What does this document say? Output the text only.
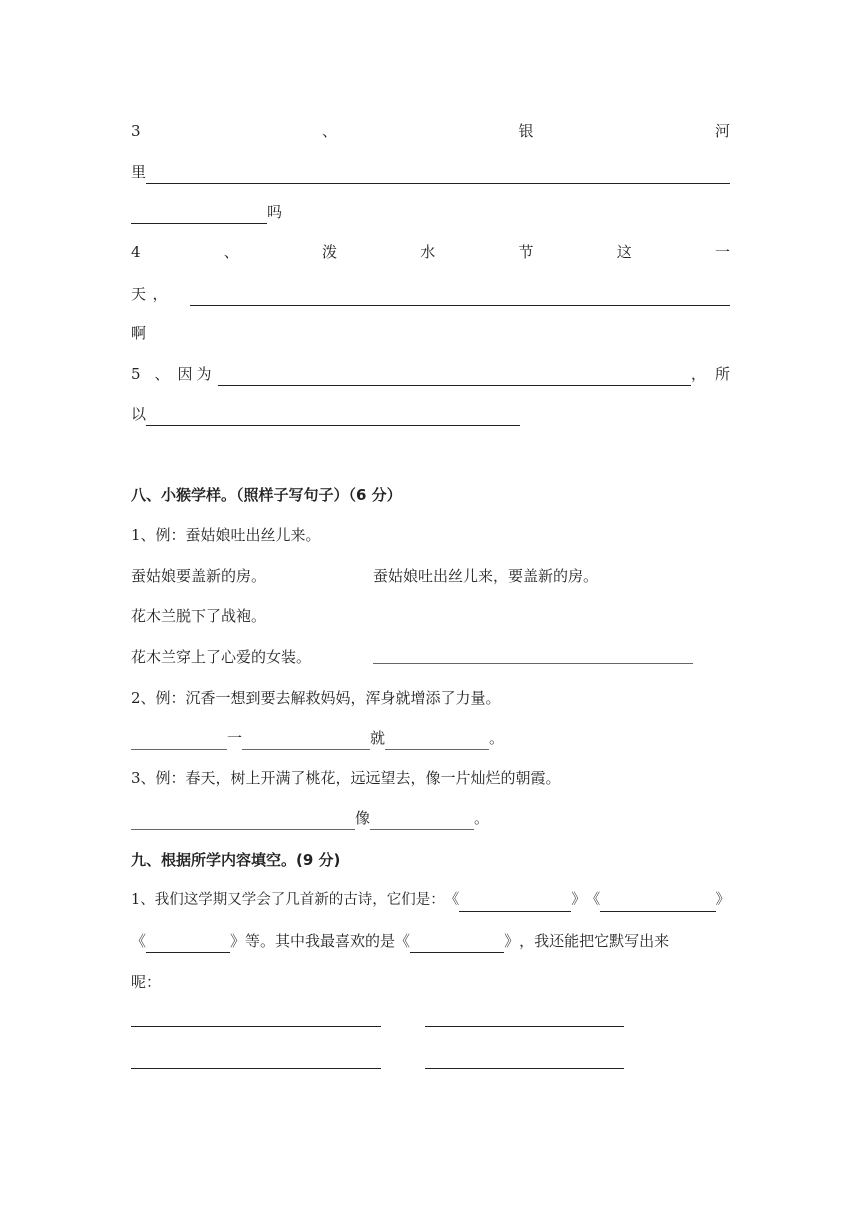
3	、	银	河
里
吗
4	、	泼	水	节	这	一
天 ，
啊
5 、 因 为	， 所
以
八、小猴学样。（照样子写句子）（6 分）
1、例：蚕姑娘吐出丝儿来。
蚕姑娘要盖新的房。	蚕姑娘吐出丝儿来，要盖新的房。
花木兰脱下了战袍。
花木兰穿上了心爱的女装。
2、例：沉香一想到要去解救妈妈，浑身就增添了力量。
一	就	。
3、例：春天，树上开满了桃花，远远望去，像一片灿烂的朝霞。
像	。
九、根据所学内容填空。(9 分)
1、我们这学期又学会了几首新的古诗，它们是： 《	》 《	》
《	》 等。其中我最喜欢的是 《	》 ，我还能把它默写出来
呢：
